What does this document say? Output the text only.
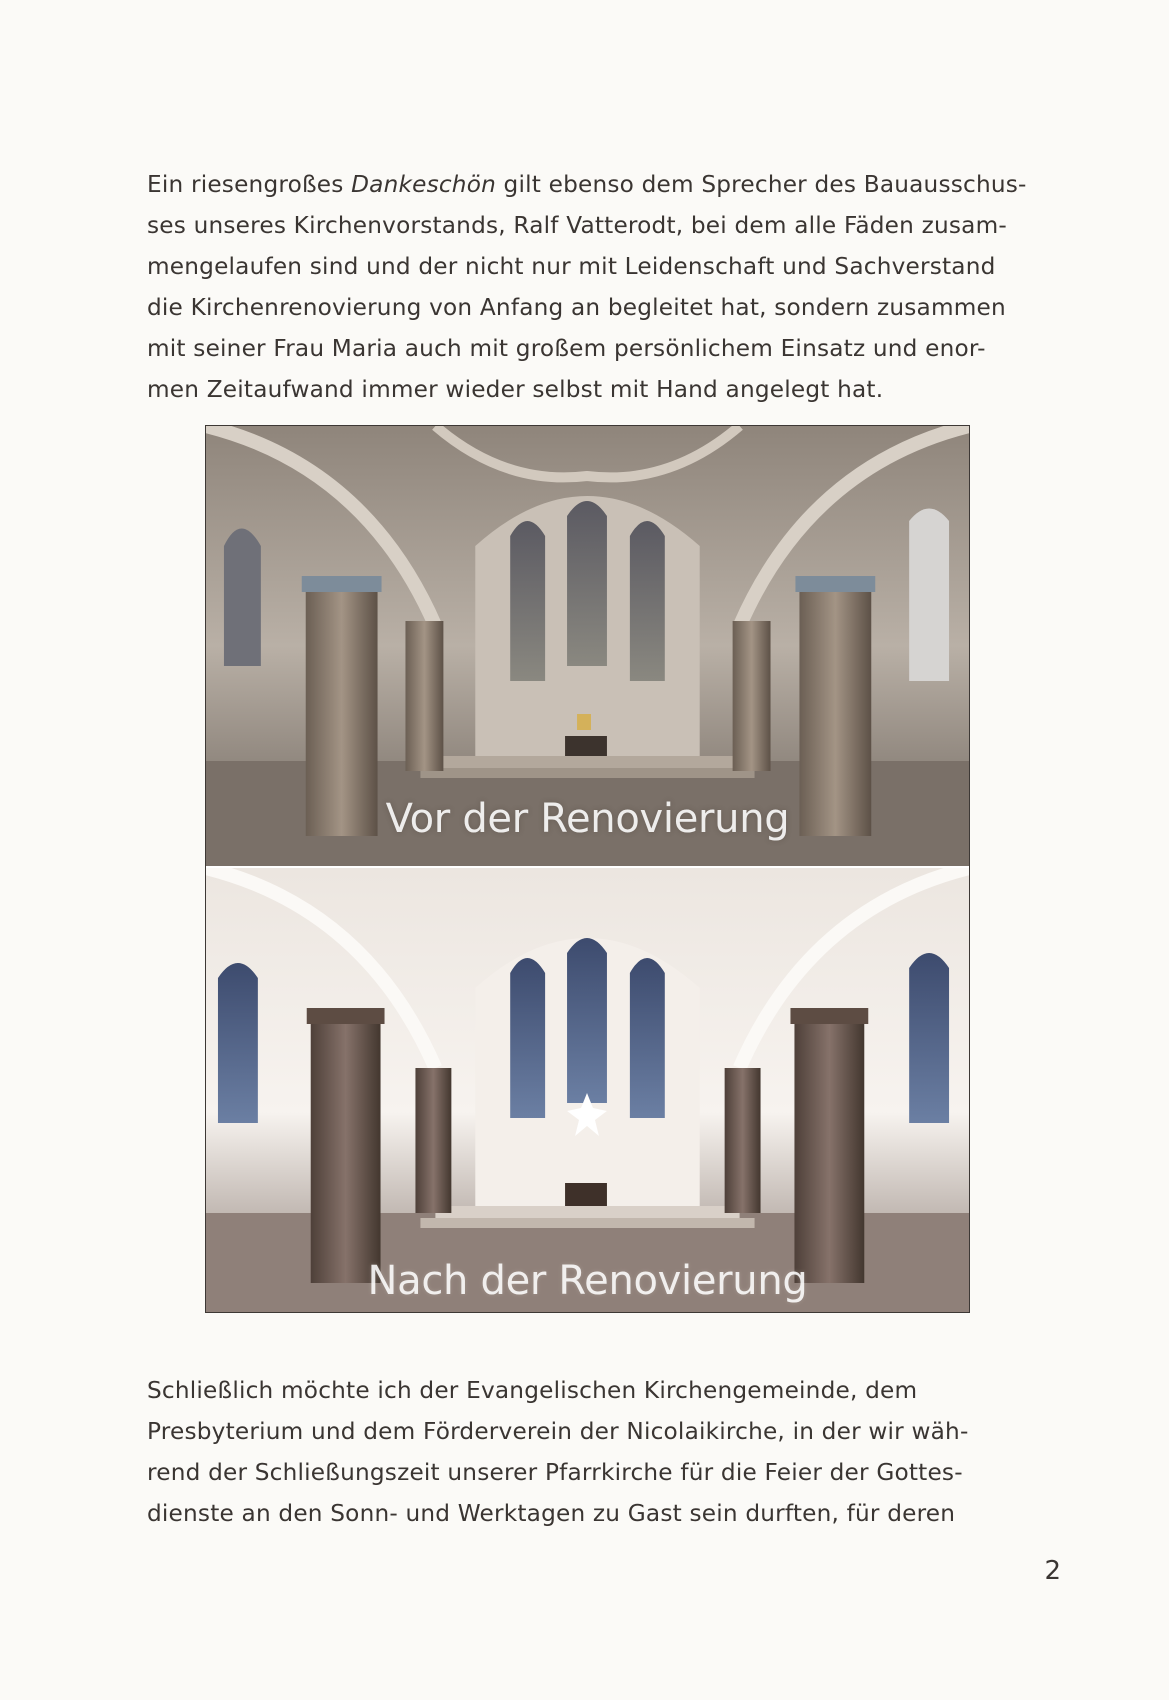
Ein riesengroßes Dankeschön gilt ebenso dem Sprecher des Bauausschus-
ses unseres Kirchenvorstands, Ralf Vatterodt, bei dem alle Fäden zusam-
mengelaufen sind und der nicht nur mit Leidenschaft und Sachverstand
die Kirchenrenovierung von Anfang an begleitet hat, sondern zusammen
mit seiner Frau Maria auch mit großem persönlichem Einsatz und enor-
men Zeitaufwand immer wieder selbst mit Hand angelegt hat.
Vor der Renovierung
Nach der Renovierung
Schließlich möchte ich der Evangelischen Kirchengemeinde, dem
Presbyterium und dem Förderverein der Nicolaikirche, in der wir wäh-
rend der Schließungszeit unserer Pfarrkirche für die Feier der Gottes-
dienste an den Sonn- und Werktagen zu Gast sein durften, für deren
2
